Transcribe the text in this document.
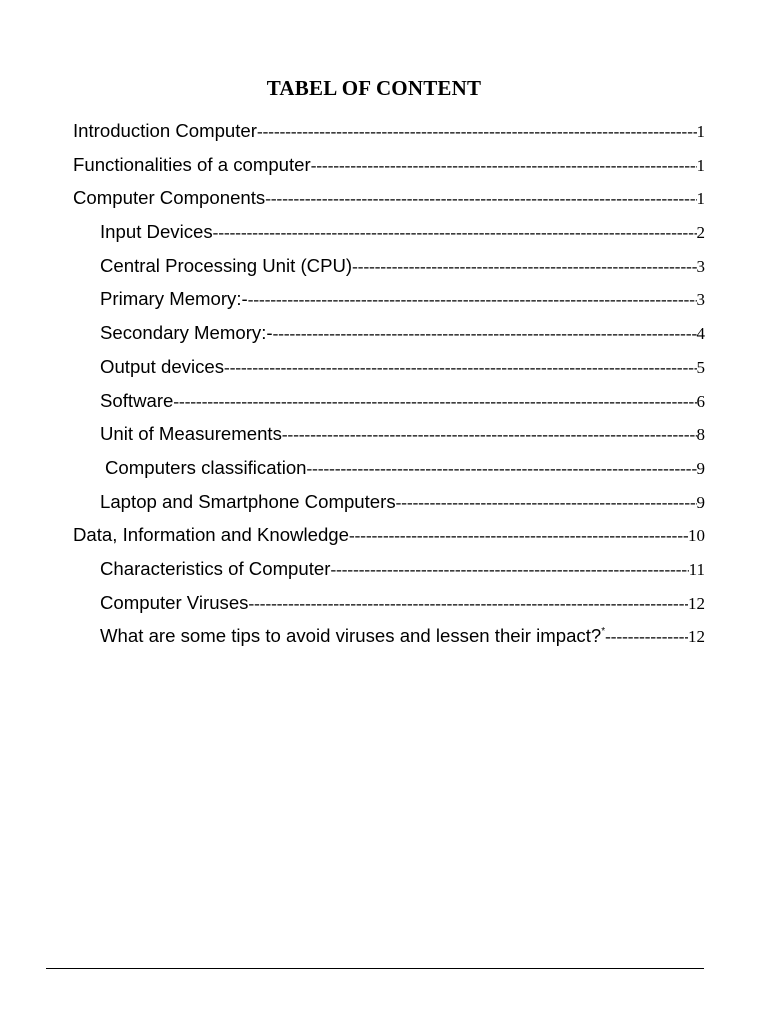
TABEL OF CONTENT
Introduction Computer -----	1
Functionalities of a computer -----	1
Computer Components -----	1
Input Devices -----	2
Central Processing Unit (CPU) -----	3
Primary Memory:- -----	3
Secondary Memory:- -----	4
Output devices -----	5
Software -----	6
Unit of Measurements -----	8
Computers classification -----	9
Laptop and Smartphone Computers -----	9
Data, Information and Knowledge -----	10
Characteristics of Computer -----	11
Computer Viruses -----	12
What are some tips to avoid viruses and lessen their impact?* -----	12
